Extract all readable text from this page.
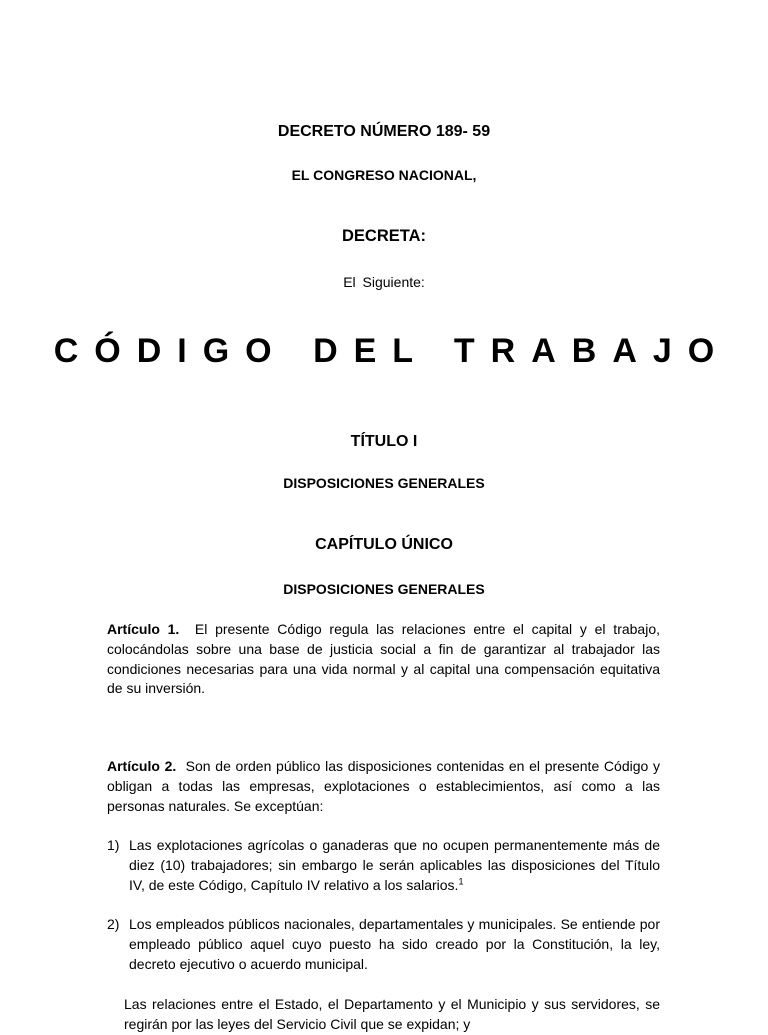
DECRETO NÚMERO 189- 59
EL CONGRESO NACIONAL,
DECRETA:
El Siguiente:
CÓDIGO DEL TRABAJO
TÍTULO I
DISPOSICIONES GENERALES
CAPÍTULO ÚNICO
DISPOSICIONES GENERALES
Artículo 1. El presente Código regula las relaciones entre el capital y el trabajo, colocándolas sobre una base de justicia social a fin de garantizar al trabajador las condiciones necesarias para una vida normal y al capital una compensación equitativa de su inversión.
Artículo 2. Son de orden público las disposiciones contenidas en el presente Código y obligan a todas las empresas, explotaciones o establecimientos, así como a las personas naturales. Se exceptúan:
1) Las explotaciones agrícolas o ganaderas que no ocupen permanentemente más de diez (10) trabajadores; sin embargo le serán aplicables las disposiciones del Título IV, de este Código, Capítulo IV relativo a los salarios.$^1$
2) Los empleados públicos nacionales, departamentales y municipales. Se entiende por empleado público aquel cuyo puesto ha sido creado por la Constitución, la ley, decreto ejecutivo o acuerdo municipal.
Las relaciones entre el Estado, el Departamento y el Municipio y sus servidores, se regirán por las leyes del Servicio Civil que se expidan; y
